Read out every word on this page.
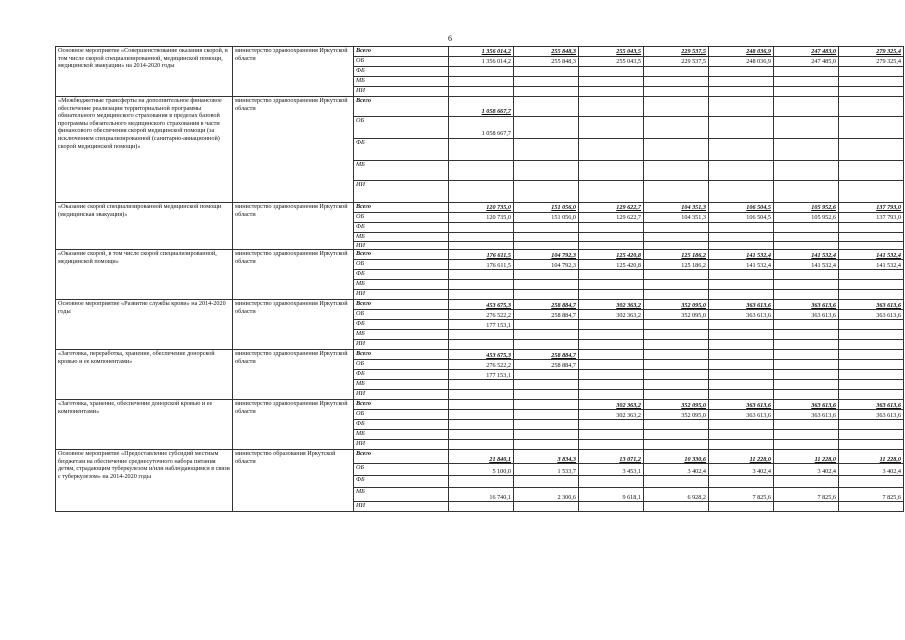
6
Основное мероприятие «Совершенствование оказания скорой, в том числе скорой специализированной, медицинской помощи, медицинской эвакуации» на 2014-2020 годы	министерство здравоохранения Иркутской области	Всего	1 356 014,2	255 848,3	255 043,5	229 537,5	248 036,9	247 483,0	279 325,4
		ОБ	1 356 014,2	255 848,3	255 043,5	229 537,5	248 036,9	247 485,0	279 325,4
		ФБ							
		МБ							
		ИИ							
«Межбюджетные трансферты на дополнительное финансовое обеспечение реализации территориальной программы обязательного медицинского страхования в пределах базовой программы обязательного медицинского страхования в части финансового обеспечения скорой медицинской помощи (за исключением специализированной (санитарно-авиационной) скорой медицинской помощи)»	министерство здравоохранения Иркутской области	Всего	1 058 667,7						
		ОБ	1 058 667,7						
		ФБ							
		МБ							
		ИИ							
«Оказание скорой специализированной медицинской помощи (медицинская эвакуация)»	министерство здравоохранения Иркутской области	Всего	120 735,0	151 056,0	129 622,7	104 351,3	106 504,5	105 952,6	137 793,0
		ОБ	120 735,0	151 056,0	129 622,7	104 351,3	106 504,5	105 952,6	137 793,0
		ФБ							
		МБ							
		ИИ							
«Оказание скорой, в том числе скорой специализированной, медицинской помощи»	министерство здравоохранения Иркутской области	Всего	176 611,5	104 792,3	125 420,8	125 186,2	141 532,4	141 532,4	141 532,4
		ОБ	176 611,5	104 792,3	125 420,8	125 186,2	141 532,4	141 532,4	141 532,4
		ФБ							
		МБ							
		ИИ							
Основное мероприятие «Развитие службы крови» на 2014-2020 годы	министерство здравоохранения Иркутской области	Всего	453 675,3	258 884,7	302 363,2	352 095,0	363 613,6	363 613,6	363 613,6
		ОБ	276 522,2	258 884,7	302 363,2	352 095,0	363 613,6	363 613,6	363 613,6
		ФБ	177 153,1						
		МБ							
		ИИ							
«Заготовка, переработка, хранение, обеспечение донорской кровью и ее компонентами»	министерство здравоохранения Иркутской области	Всего	453 675,3	258 884,7					
		ОБ	276 522,2	258 884,7					
		ФБ	177 153,1						
		МБ							
		ИИ							
«Заготовка, хранение, обеспечение донорской кровью и ее компонентами»	министерство здравоохранения Иркутской области	Всего			302 363,2	352 095,0	363 613,6	363 613,6	363 613,6
		ОБ			302 363,2	352 095,0	363 613,6	363 613,6	363 613,6
		ФБ							
		МБ							
		ИИ							
Основное мероприятие «Предоставление субсидий местным бюджетам на обеспечение среднесуточного набора питания детям, страдающим туберкулезом и/или наблюдающимся в связи с туберкулезом» на 2014-2020 годы	министерство образования Иркутской области	Всего	21 840,1	3 834,3	13 071,2	10 330,6	11 228,0	11 228,0	11 228,0
		ОБ	5 100,0	1 533,7	3 453,1	3 402,4	3 402,4	3 402,4	3 402,4
		ФБ							
		МБ	16 740,1	2 300,6	9 618,1	6 928,2	7 825,6	7 825,6	7 825,6
		ИИ							
